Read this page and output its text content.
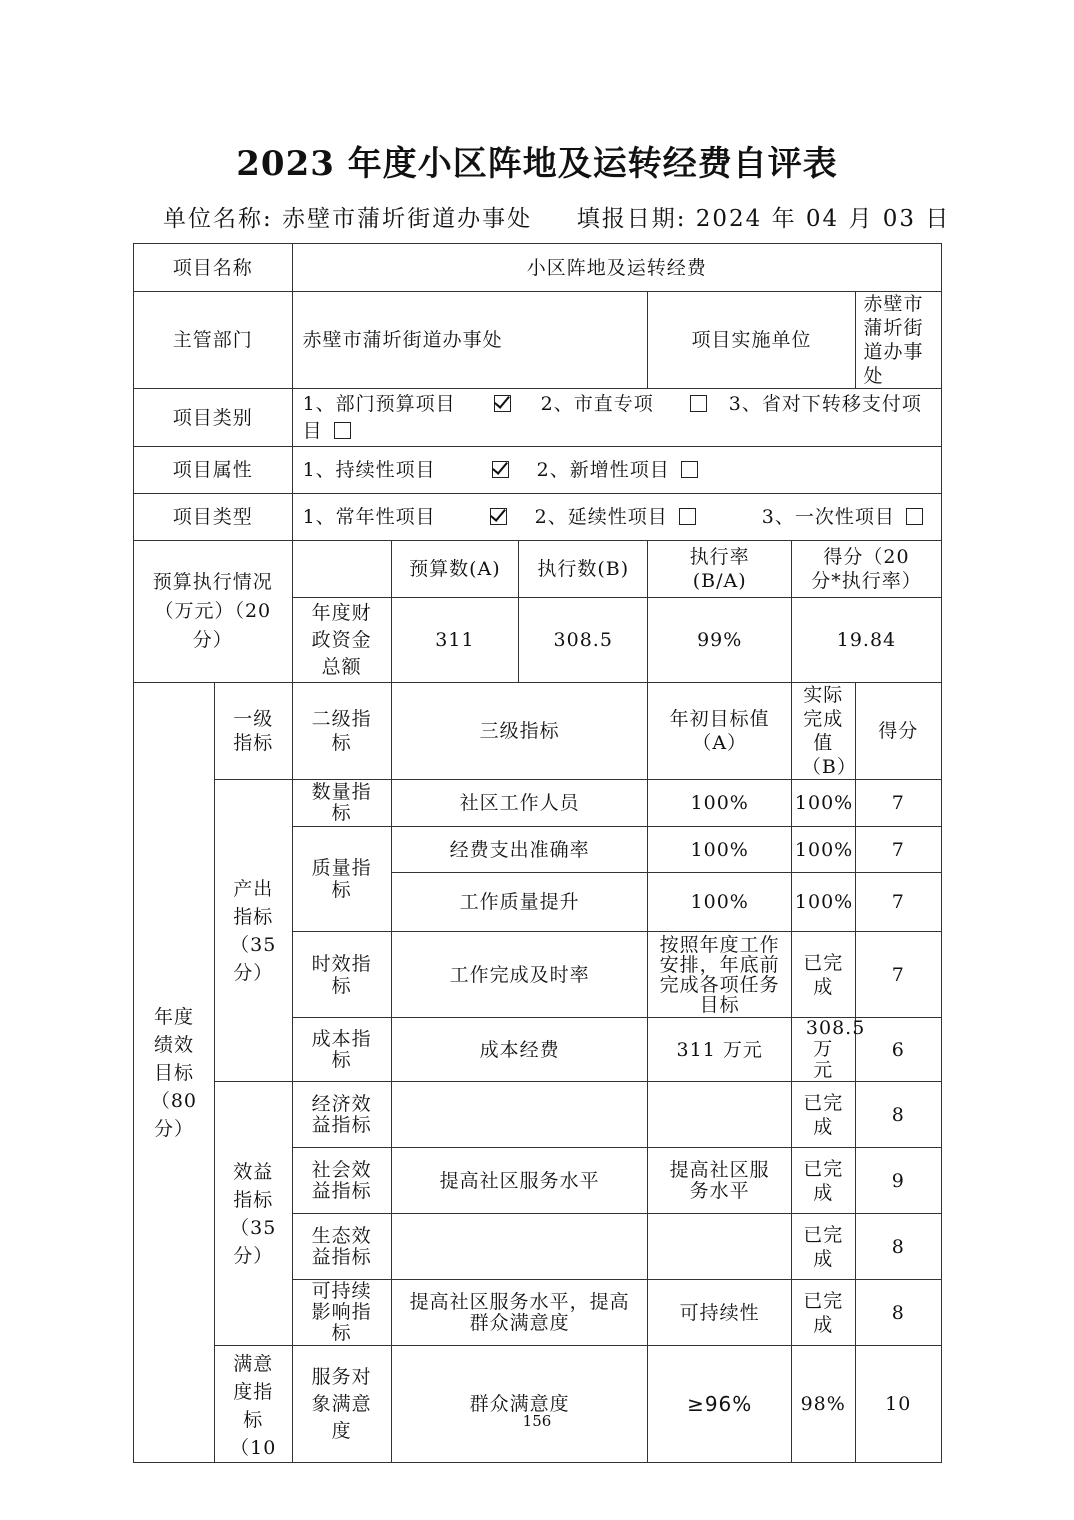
2023 年度小区阵地及运转经费自评表
单位名称: 赤壁市蒲圻街道办事处 填报日期: 2024 年 04 月 03 日
项目名称		小区阵地及运转经费					
主管部门		赤壁市蒲圻街道办事处			项目实施单位		赤壁市蒲圻街道办事处
项目类别		1、部门预算项目 2、市直专项 3、省对下转移支付项目					
项目属性		1、持续性项目 2、新增性项目					
项目类型		1、常年性项目 2、延续性项目 3、一次性项目					
预算执行情况（万元）（20 分）			预算数(A)	执行数(B)	执行率(B/A)	得分（20 分*执行率）	
		年度财政资金总额	311	308.5	99%	19.84	
年度绩效目标（80 分）	一级指标	二级指标	三级指标		年初目标值（A）	实际完成值（B）	得分
	产出指标（35 分）	数量指标	社区工作人员		100%	100%	7
		质量指标	经费支出准确率		100%	100%	7
			工作质量提升		100%	100%	7
		时效指标	工作完成及时率		按照年度工作安排，年底前完成各项任务目标	已完成	7
		成本指标	成本经费		311 万元	308.5 万元	6
	效益指标（35 分）	经济效益指标				已完成	8
		社会效益指标	提高社区服务水平		提高社区服务水平	已完成	9
		生态效益指标				已完成	8
		可持续影响指标	提高社区服务水平，提高群众满意度		可持续性	已完成	8
	满意度指标（10	服务对象满意度	群众满意度		≥96%	98%	10
156
